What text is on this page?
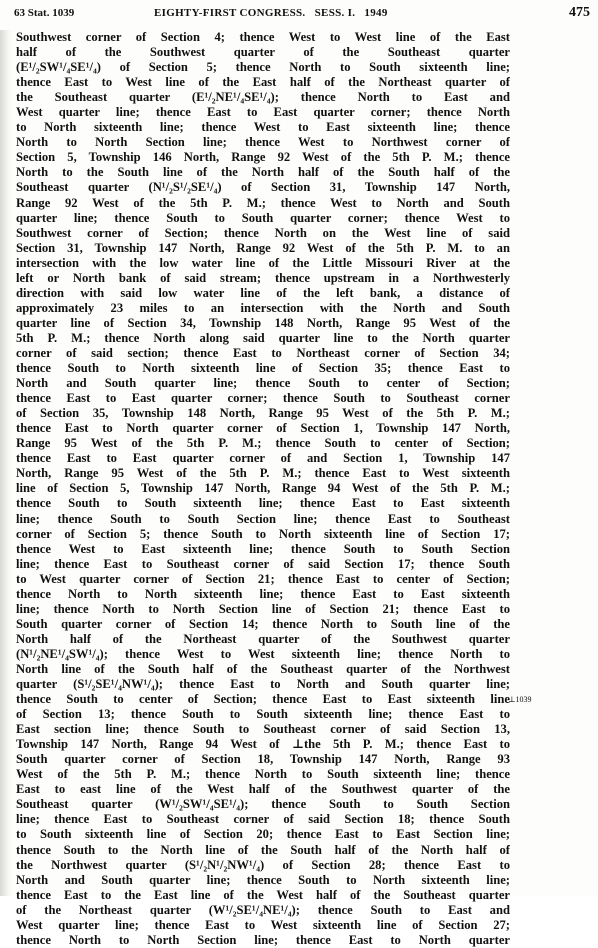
63 Stat. 1039	EIGHTY-FIRST CONGRESS. SESS. I. 1949	475
Southwest corner of Section 4; thence West to West line of the East
half of the Southwest quarter of the Southeast quarter
(E¹/₂SW¹/₄SE¹/₄) of Section 5; thence North to South sixteenth line;
thence East to West line of the East half of the Northeast quarter of
the Southeast quarter (E¹/₂NE¹/₄SE¹/₄); thence North to East and
West quarter line; thence East to East quarter corner; thence North
to North sixteenth line; thence West to East sixteenth line; thence
North to North Section line; thence West to Northwest corner of
Section 5, Township 146 North, Range 92 West of the 5th P. M.; thence
North to the South line of the North half of the South half of the
Southeast quarter (N¹/₂S¹/₂SE¹/₄) of Section 31, Township 147 North,
Range 92 West of the 5th P. M.; thence West to North and South
quarter line; thence South to South quarter corner; thence West to
Southwest corner of Section; thence North on the West line of said
Section 31, Township 147 North, Range 92 West of the 5th P. M. to an
intersection with the low water line of the Little Missouri River at the
left or North bank of said stream; thence upstream in a Northwesterly
direction with said low water line of the left bank, a distance of
approximately 23 miles to an intersection with the North and South
quarter line of Section 34, Township 148 North, Range 95 West of the
5th P. M.; thence North along said quarter line to the North quarter
corner of said section; thence East to Northeast corner of Section 34;
thence South to North sixteenth line of Section 35; thence East to
North and South quarter line; thence South to center of Section;
thence East to East quarter corner; thence South to Southeast corner
of Section 35, Township 148 North, Range 95 West of the 5th P. M.;
thence East to North quarter corner of Section 1, Township 147 North,
Range 95 West of the 5th P. M.; thence South to center of Section;
thence East to East quarter corner of and Section 1, Township 147
North, Range 95 West of the 5th P. M.; thence East to West sixteenth
line of Section 5, Township 147 North, Range 94 West of the 5th P. M.;
thence South to South sixteenth line; thence East to East sixteenth
line; thence South to South Section line; thence East to Southeast
corner of Section 5; thence South to North sixteenth line of Section 17;
thence West to East sixteenth line; thence South to South Section
line; thence East to Southeast corner of said Section 17; thence South
to West quarter corner of Section 21; thence East to center of Section;
thence North to North sixteenth line; thence East to East sixteenth
line; thence North to North Section line of Section 21; thence East to
South quarter corner of Section 14; thence North to South line of the
North half of the Northeast quarter of the Southwest quarter
(N¹/₂NE¹/₄SW¹/₄); thence West to West sixteenth line; thence North to
North line of the South half of the Southeast quarter of the Northwest
quarter (S¹/₂SE¹/₄NW¹/₄); thence East to North and South quarter line;
thence South to center of Section; thence East to East sixteenth line
of Section 13; thence South to South sixteenth line; thence East to
East section line; thence South to Southeast corner of said Section 13,
Township 147 North, Range 94 West of ⊥the 5th P. M.; thence East to
South quarter corner of Section 18, Township 147 North, Range 93
West of the 5th P. M.; thence North to South sixteenth line; thence
East to east line of the West half of the Southwest quarter of the
Southeast quarter (W¹/₂SW¹/₄SE¹/₄); thence South to South Section
line; thence East to Southeast corner of said Section 18; thence South
to South sixteenth line of Section 20; thence East to East Section line;
thence South to the North line of the South half of the North half of
the Northwest quarter (S¹/₂N¹/₂NW¹/₄) of Section 28; thence East to
North and South quarter line; thence South to North sixteenth line;
thence East to the East line of the West half of the Southeast quarter
of the Northeast quarter (W¹/₂SE¹/₄NE¹/₄); thence South to East and
West quarter line; thence East to West sixteenth line of Section 27;
thence North to North Section line; thence East to North quarter
⊥1039
